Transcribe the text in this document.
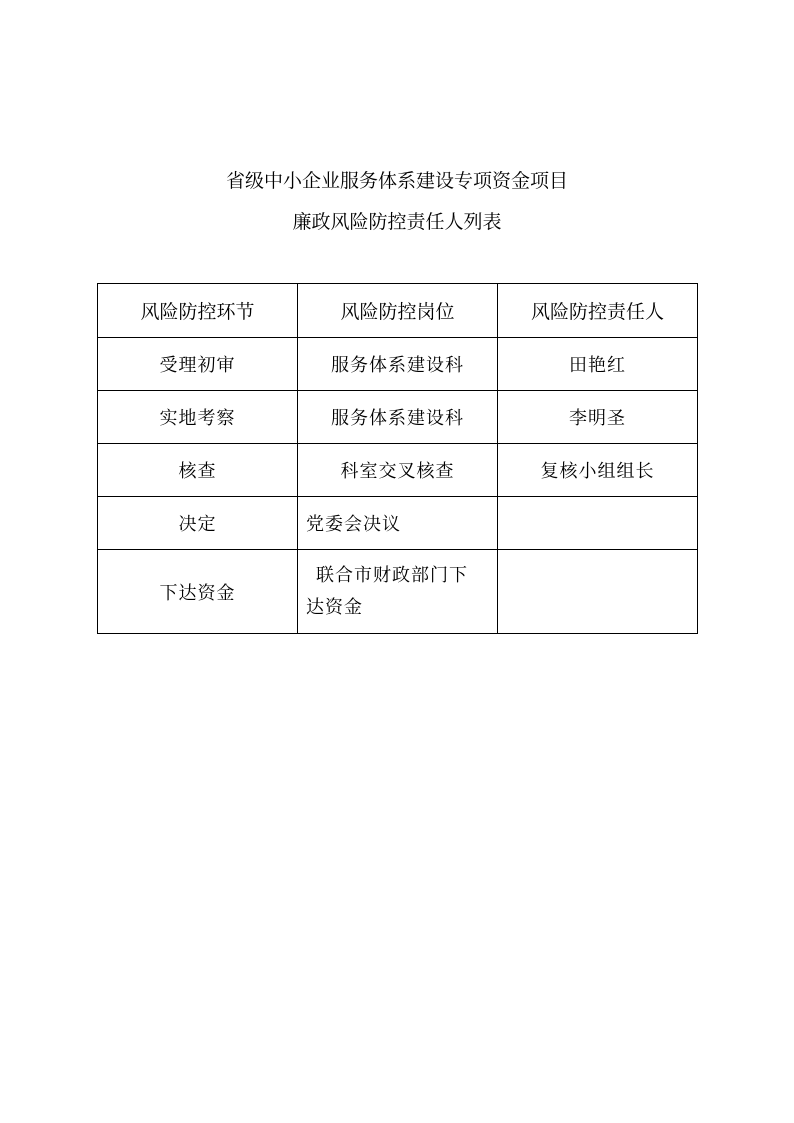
省级中小企业服务体系建设专项资金项目
廉政风险防控责任人列表
风险防控环节	风险防控岗位	风险防控责任人
受理初审	服务体系建设科	田艳红
实地考察	服务体系建设科	李明圣
核查	科室交叉核查	复核小组组长
决定	党委会决议	
下达资金	联合市财政部门下
达资金	
